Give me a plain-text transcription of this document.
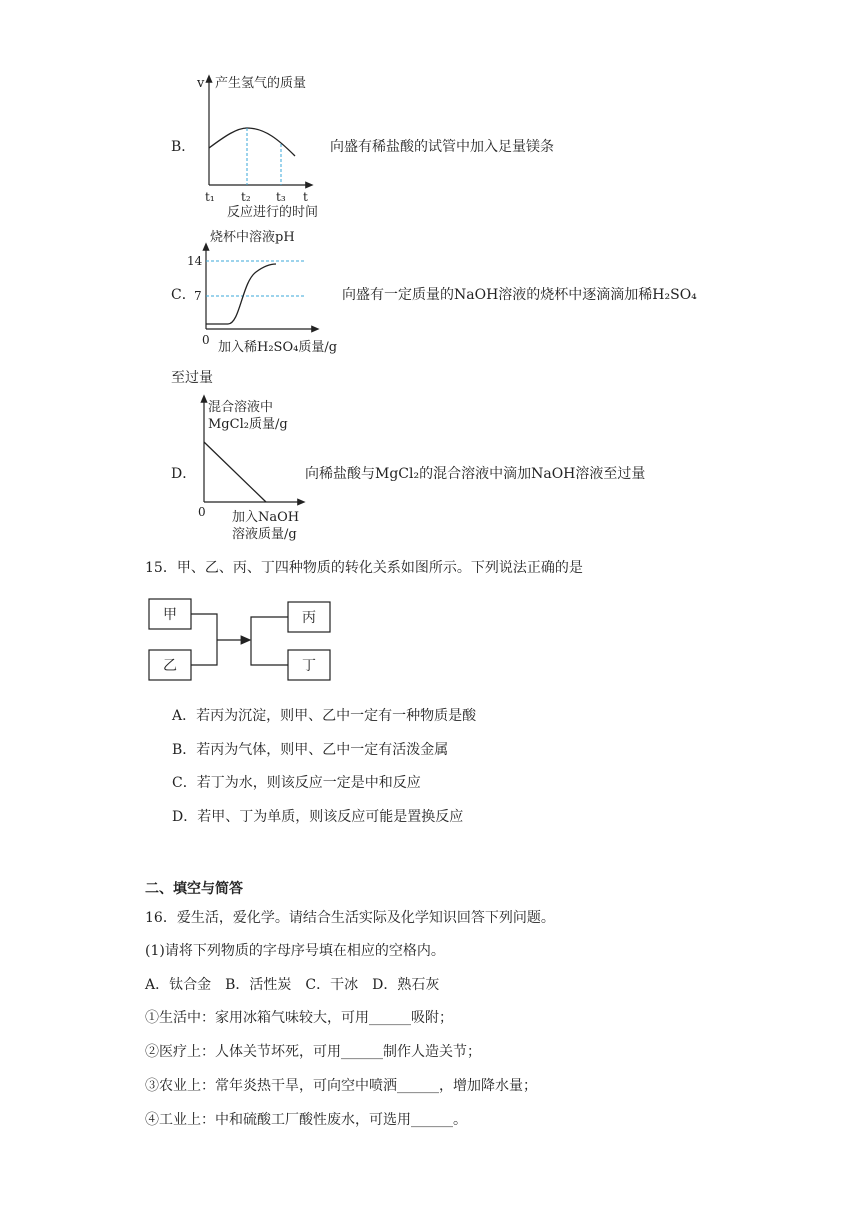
B．
v 产生氢气的质量
t₁ t₂ t₃ t
反应进行的时间
向盛有稀盐酸的试管中加入足量镁条
C．
烧杯中溶液pH
14
7
0 加入稀H₂SO₄质量/g
向盛有一定质量的NaOH溶液的烧杯中逐滴滴加稀H₂SO₄
至过量
D．
混合溶液中
MgCl₂质量/g
0 加入NaOH
溶液质量/g
向稀盐酸与MgCl₂的混合溶液中滴加NaOH溶液至过量
15．甲、乙、丙、丁四种物质的转化关系如图所示。下列说法正确的是
甲
乙
丙
丁
A．若丙为沉淀，则甲、乙中一定有一种物质是酸
B．若丙为气体，则甲、乙中一定有活泼金属
C．若丁为水，则该反应一定是中和反应
D．若甲、丁为单质，则该反应可能是置换反应
二、填空与简答
16．爱生活，爱化学。请结合生活实际及化学知识回答下列问题。
(1)请将下列物质的字母序号填在相应的空格内。
A．钛合金　B．活性炭　C．干冰　D．熟石灰
①生活中：家用冰箱气味较大，可用______吸附；
②医疗上：人体关节坏死，可用______制作人造关节；
③农业上：常年炎热干旱，可向空中喷洒______，增加降水量；
④工业上：中和硫酸工厂酸性废水，可选用______。
